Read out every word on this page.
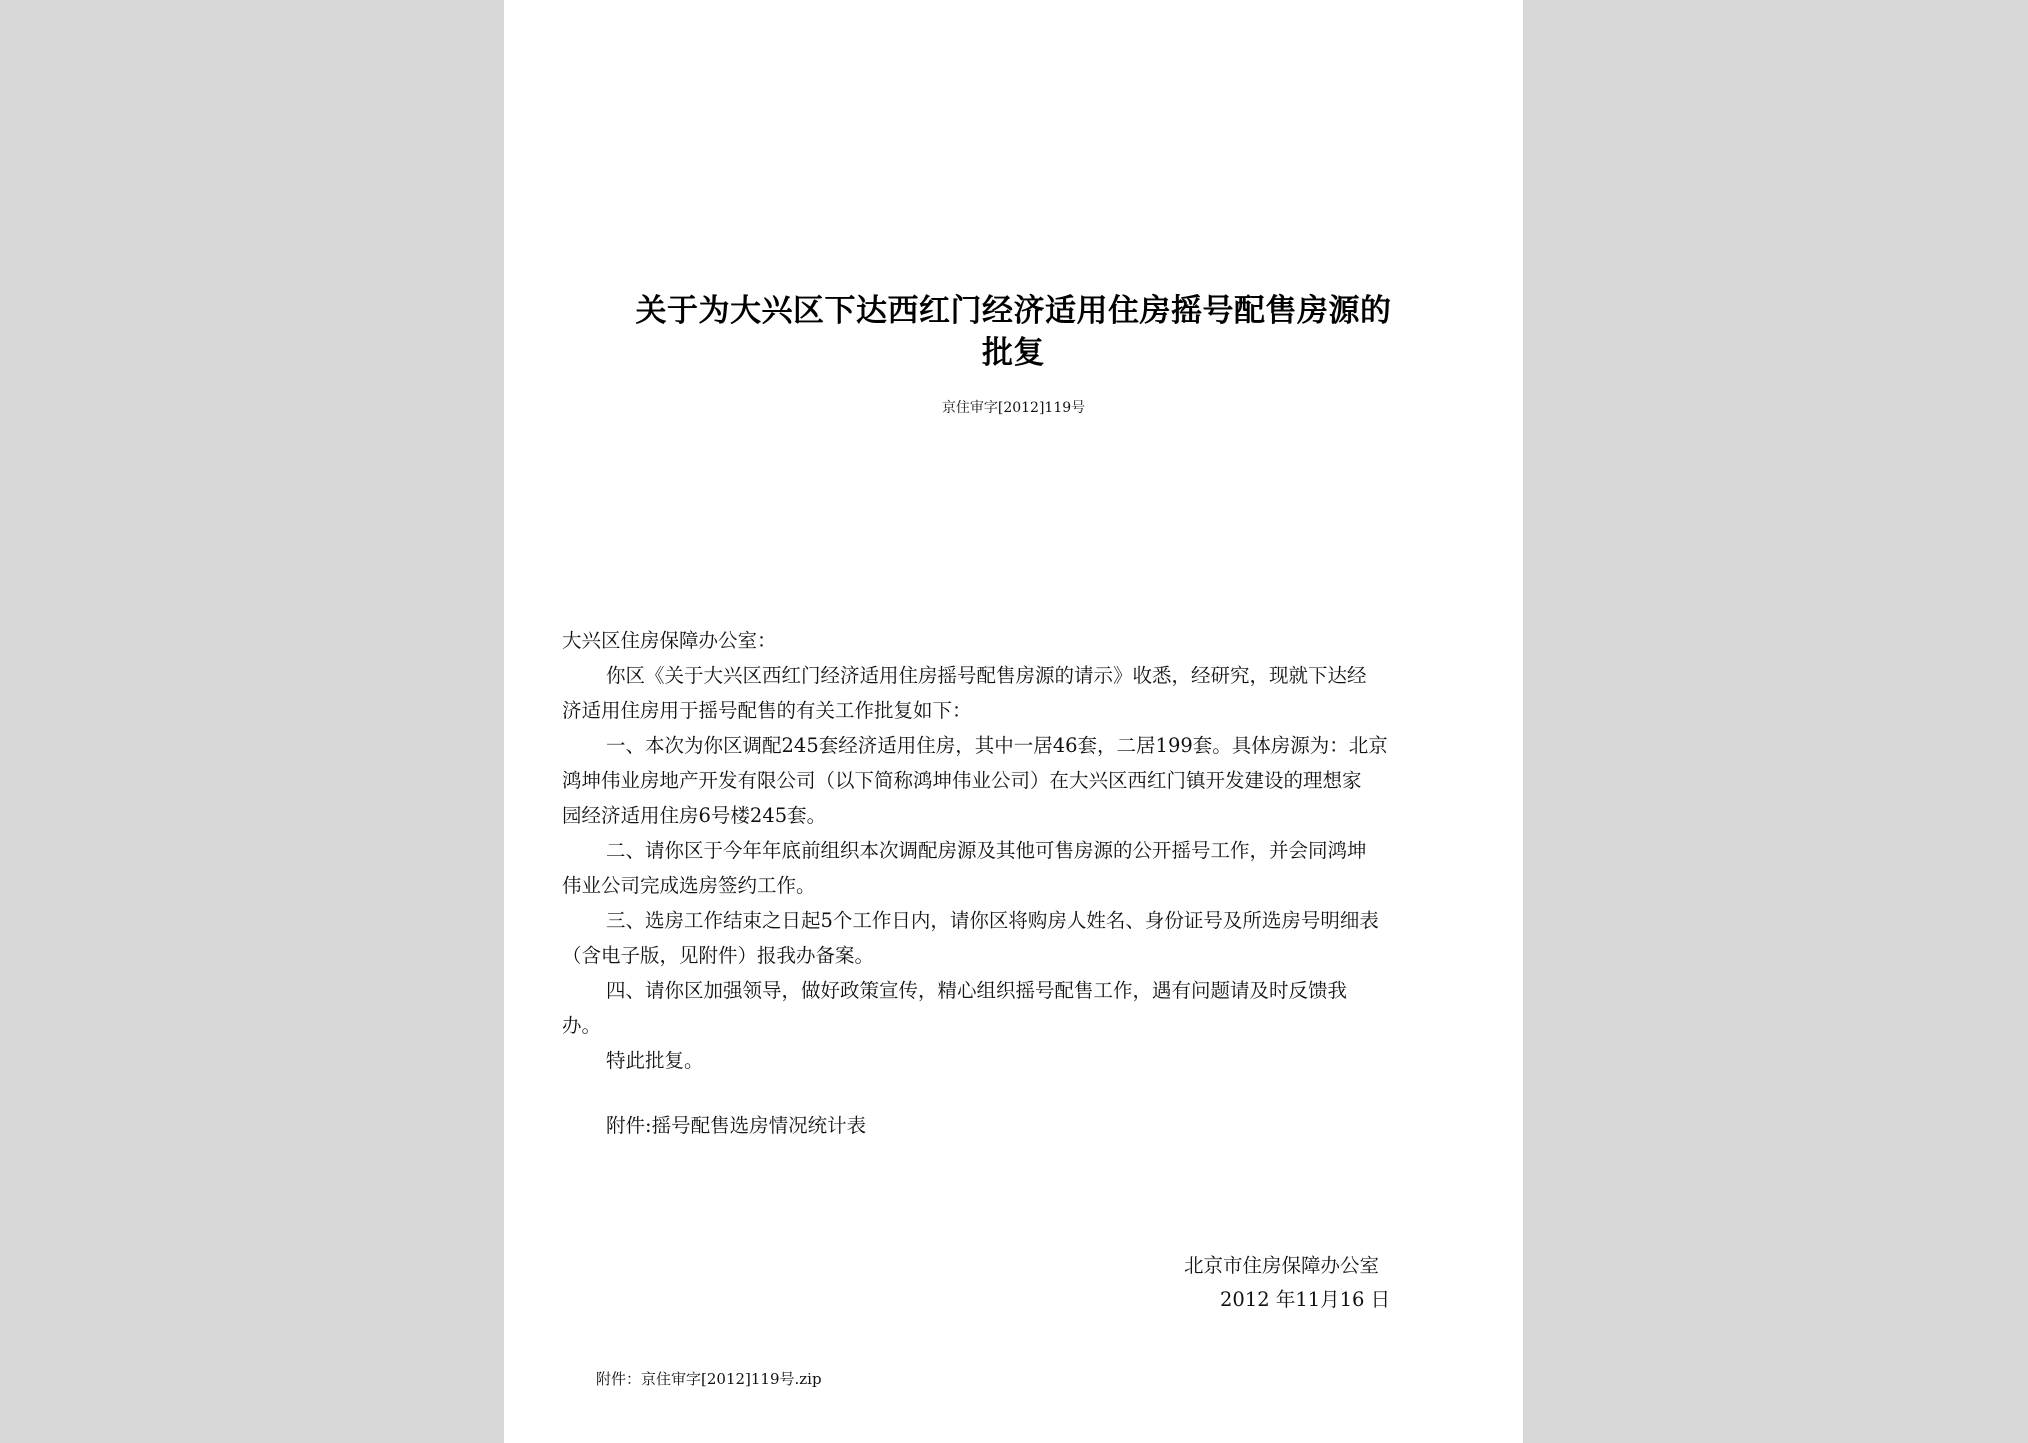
关于为大兴区下达西红门经济适用住房摇号配售房源的
批复
京住审字[2012]119号
大兴区住房保障办公室：
你区《关于大兴区西红门经济适用住房摇号配售房源的请示》收悉，经研究，现就下达经
济适用住房用于摇号配售的有关工作批复如下：
一、本次为你区调配245套经济适用住房，其中一居46套，二居199套。具体房源为：北京
鸿坤伟业房地产开发有限公司（以下简称鸿坤伟业公司）在大兴区西红门镇开发建设的理想家
园经济适用住房6号楼245套。
二、请你区于今年年底前组织本次调配房源及其他可售房源的公开摇号工作，并会同鸿坤
伟业公司完成选房签约工作。
三、选房工作结束之日起5个工作日内，请你区将购房人姓名、身份证号及所选房号明细表
（含电子版，见附件）报我办备案。
四、请你区加强领导，做好政策宣传，精心组织摇号配售工作，遇有问题请及时反馈我
办。
特此批复。
附件:摇号配售选房情况统计表
北京市住房保障办公室
2012 年11月16 日
附件：京住审字[2012]119号.zip
